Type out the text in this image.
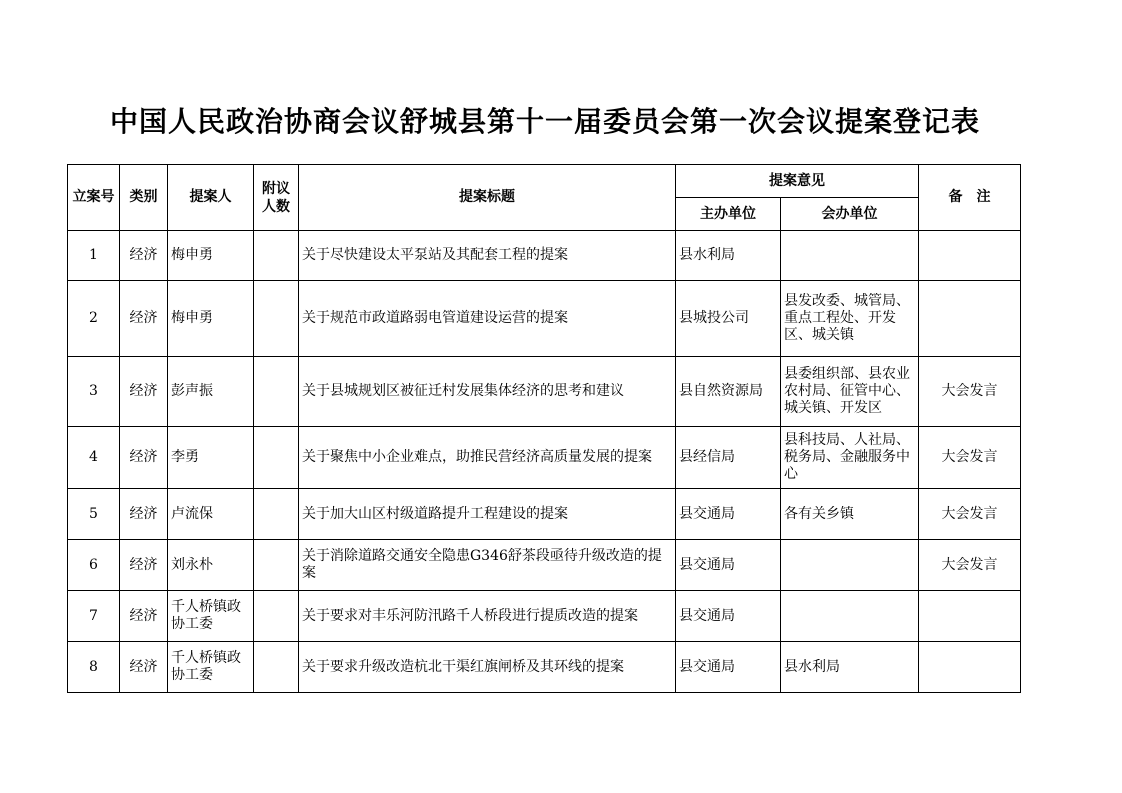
中国人民政治协商会议舒城县第十一届委员会第一次会议提案登记表
立案号	类别	提案人	附议人数	提案标题	提案意见		备　注
					主办单位	会办单位	
1	经济	梅申勇		关于尽快建设太平泵站及其配套工程的提案	县水利局	

2	经济	梅申勇		关于规范市政道路弱电管道建设运营的提案	县城投公司	县发改委、城管局、重点工程处、开发区、城关镇	

3	经济	彭声振		关于县城规划区被征迁村发展集体经济的思考和建议	县自然资源局	县委组织部、县农业农村局、征管中心、城关镇、开发区	大会发言
4	经济	李勇		关于聚焦中小企业难点，助推民营经济高质量发展的提案	县经信局	县科技局、人社局、税务局、金融服务中心	大会发言
5	经济	卢流保		关于加大山区村级道路提升工程建设的提案	县交通局	各有关乡镇	大会发言
6	经济	刘永朴		关于消除道路交通安全隐患G346舒茶段亟待升级改造的提案	县交通局		大会发言
7	经济	千人桥镇政协工委		关于要求对丰乐河防汛路千人桥段进行提质改造的提案	县交通局	

8	经济	千人桥镇政协工委		关于要求升级改造杭北干渠红旗闸桥及其环线的提案	县交通局	县水利局	
